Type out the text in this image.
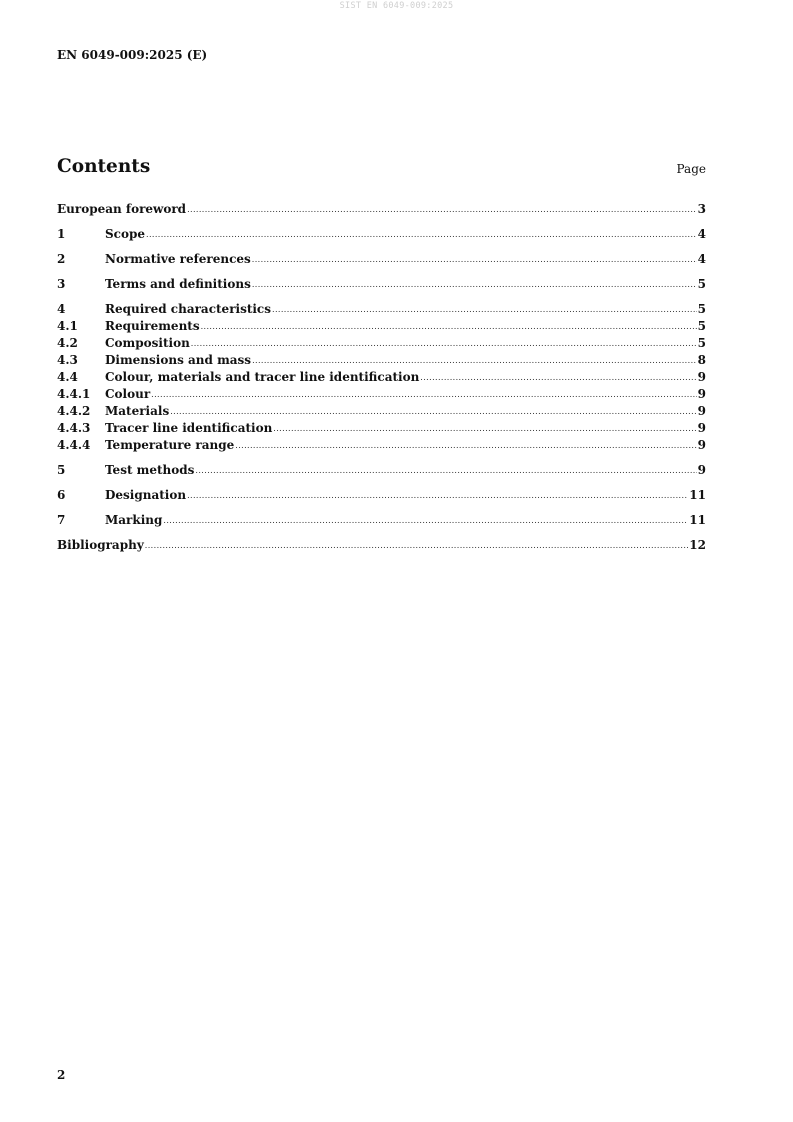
SIST EN 6049-009:2025
EN 6049-009:2025 (E)
Contents	Page
European foreword .....	3
1	Scope .....	4
2	Normative references .....	4
3	Terms and definitions .....	5
4	Required characteristics .....	5
4.1	Requirements .....	5
4.2	Composition .....	5
4.3	Dimensions and mass .....	8
4.4	Colour, materials and tracer line identification .....	9
4.4.1	Colour .....	9
4.4.2	Materials .....	9
4.4.3	Tracer line identification .....	9
4.4.4	Temperature range .....	9
5	Test methods .....	9
6	Designation .....	11
7	Marking .....	11
Bibliography .....	12
2
